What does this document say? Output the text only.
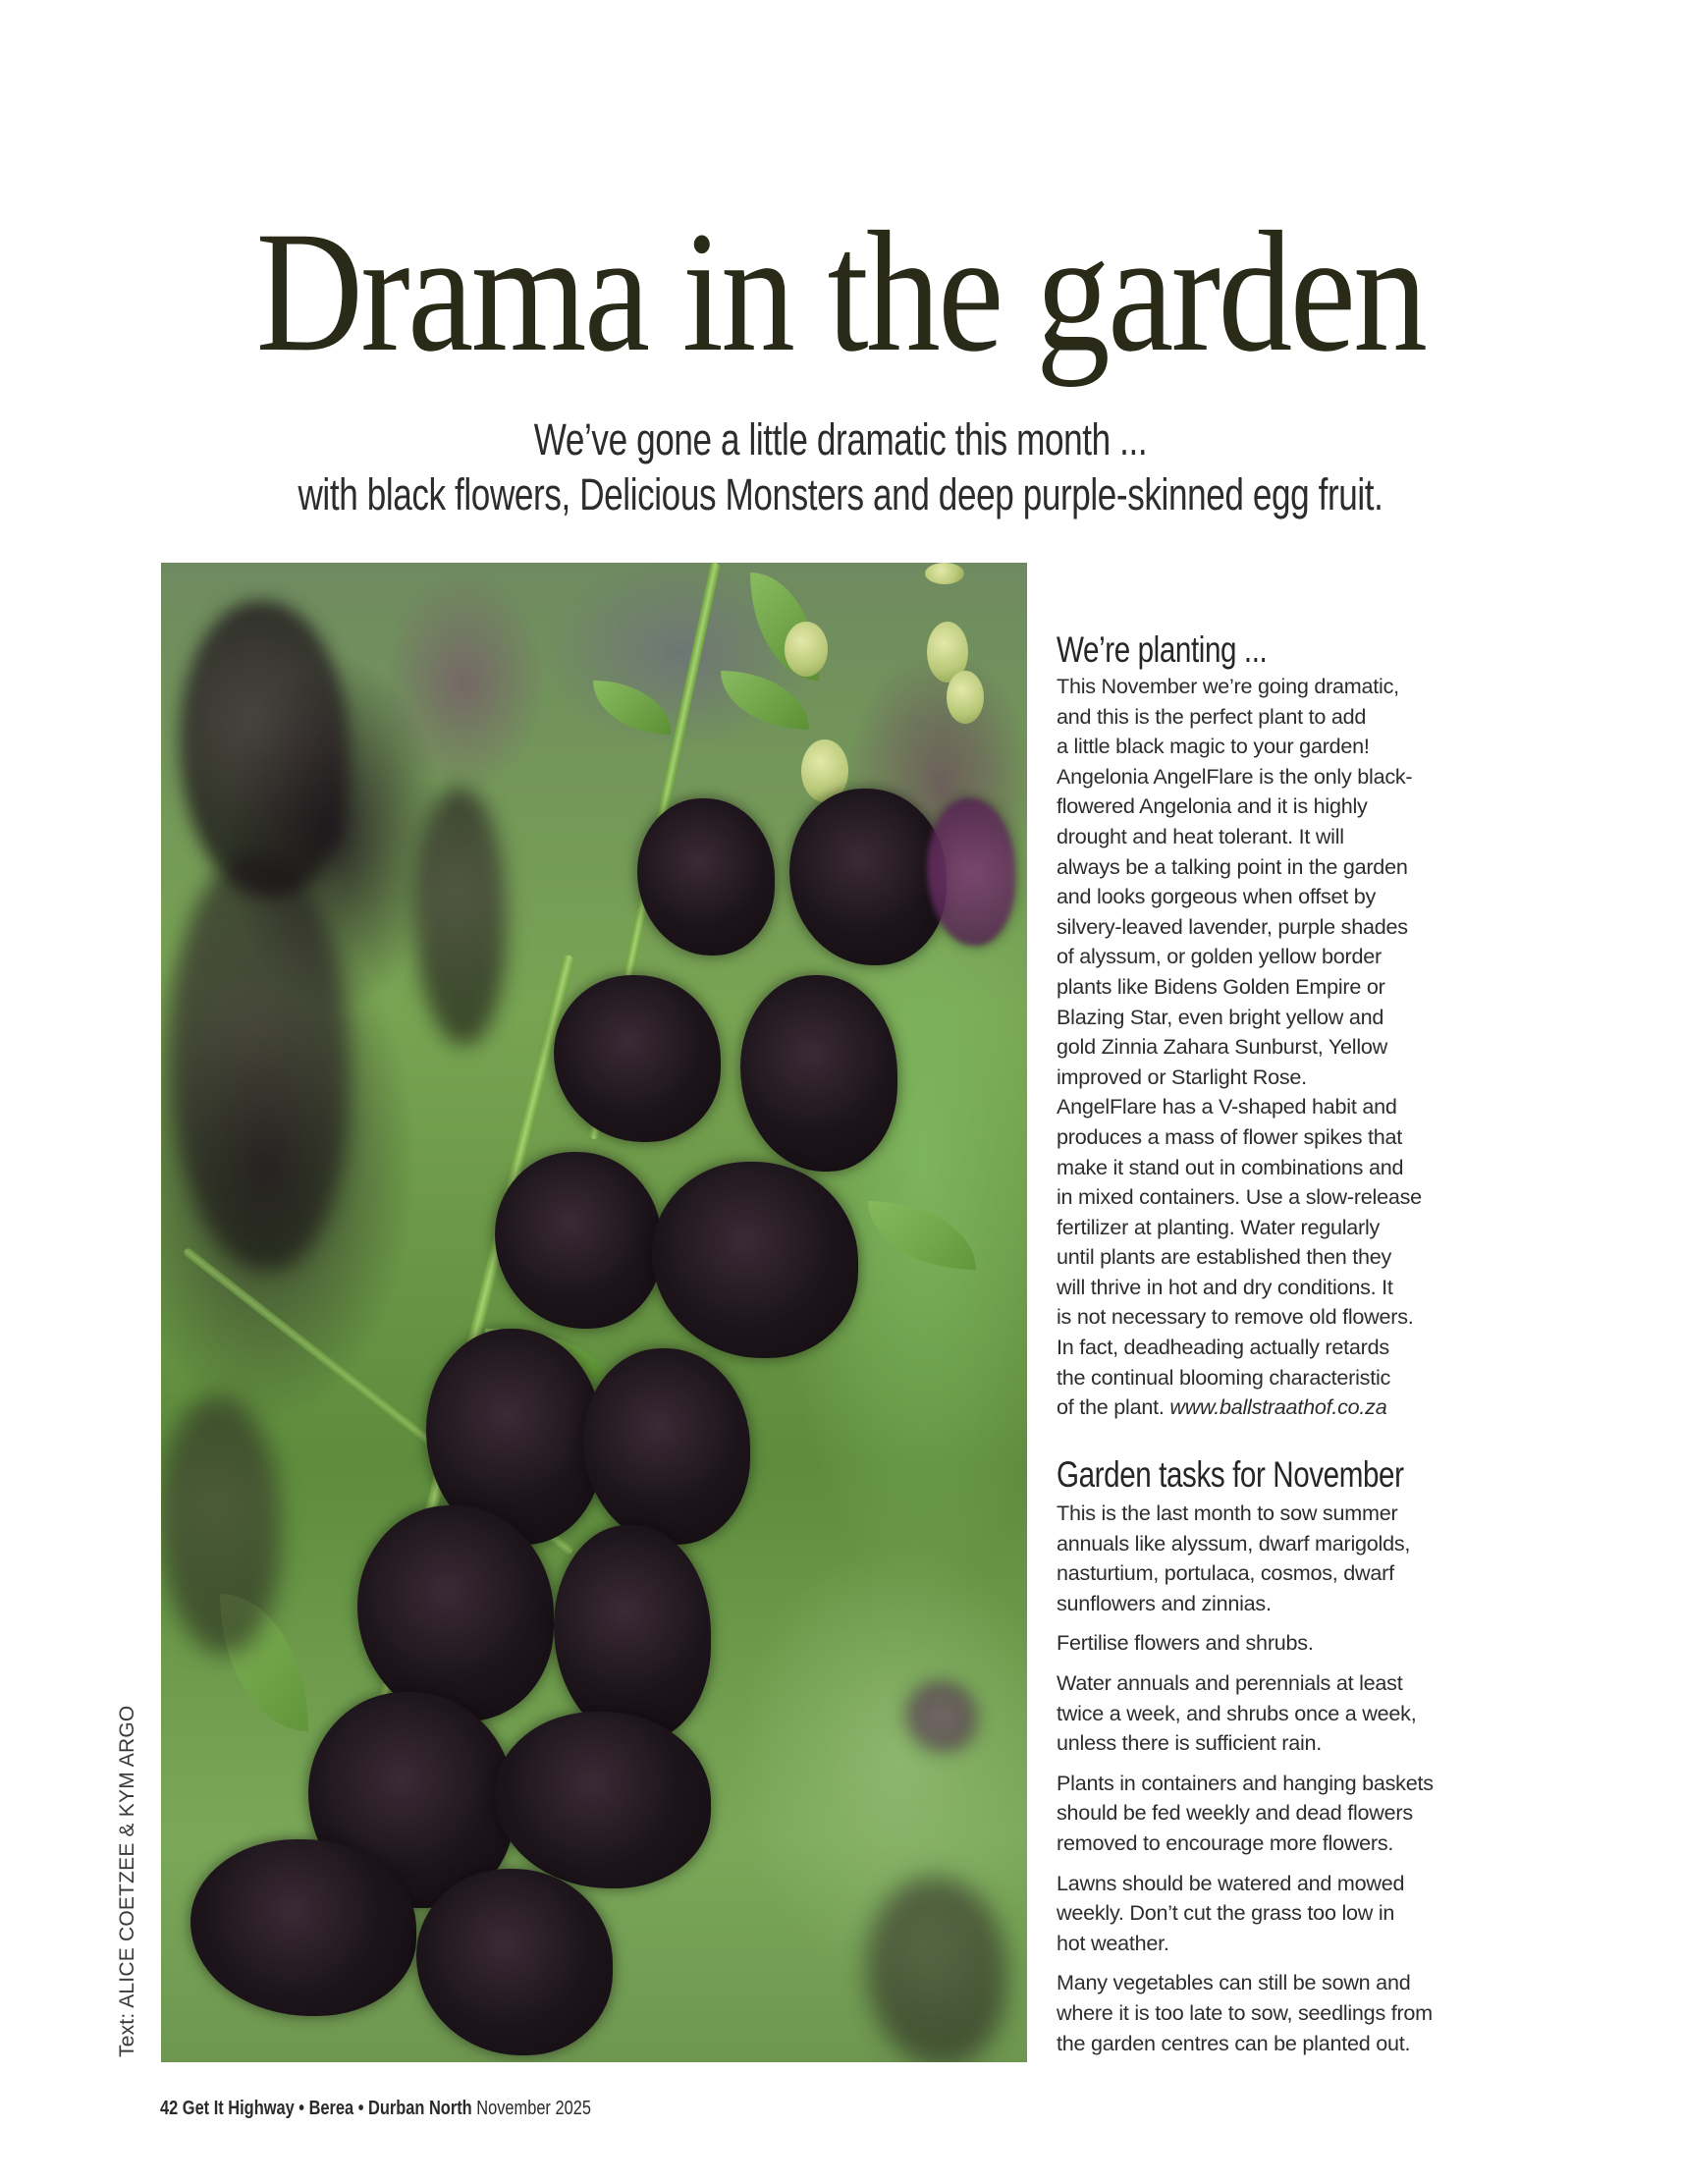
Drama in the garden
We’ve gone a little dramatic this month ...
with black flowers, Delicious Monsters and deep purple-skinned egg fruit.
Text: ALICE COETZEE & KYM ARGO
We’re planting ...

This November we’re going dramatic,
and this is the perfect plant to add
a little black magic to your garden!
Angelonia AngelFlare is the only black-
flowered Angelonia and it is highly
drought and heat tolerant. It will
always be a talking point in the garden
and looks gorgeous when offset by
silvery-leaved lavender, purple shades
of alyssum, or golden yellow border
plants like Bidens Golden Empire or
Blazing Star, even bright yellow and
gold Zinnia Zahara Sunburst, Yellow
improved or Starlight Rose.
AngelFlare has a V-shaped habit and
produces a mass of flower spikes that
make it stand out in combinations and
in mixed containers. Use a slow-release
fertilizer at planting. Water regularly
until plants are established then they
will thrive in hot and dry conditions. It
is not necessary to remove old flowers.
In fact, deadheading actually retards
the continual blooming characteristic
of the plant. www.ballstraathof.co.za

Garden tasks for November

This is the last month to sow summer
annuals like alyssum, dwarf marigolds,
nasturtium, portulaca, cosmos, dwarf
sunflowers and zinnias.

Fertilise flowers and shrubs.

Water annuals and perennials at least
twice a week, and shrubs once a week,
unless there is sufficient rain.

Plants in containers and hanging baskets
should be fed weekly and dead flowers
removed to encourage more flowers.

Lawns should be watered and mowed
weekly. Don’t cut the grass too low in
hot weather.

Many vegetables can still be sown and
where it is too late to sow, seedlings from
the garden centres can be planted out.

42 Get It Highway • Berea • Durban North November 2025
